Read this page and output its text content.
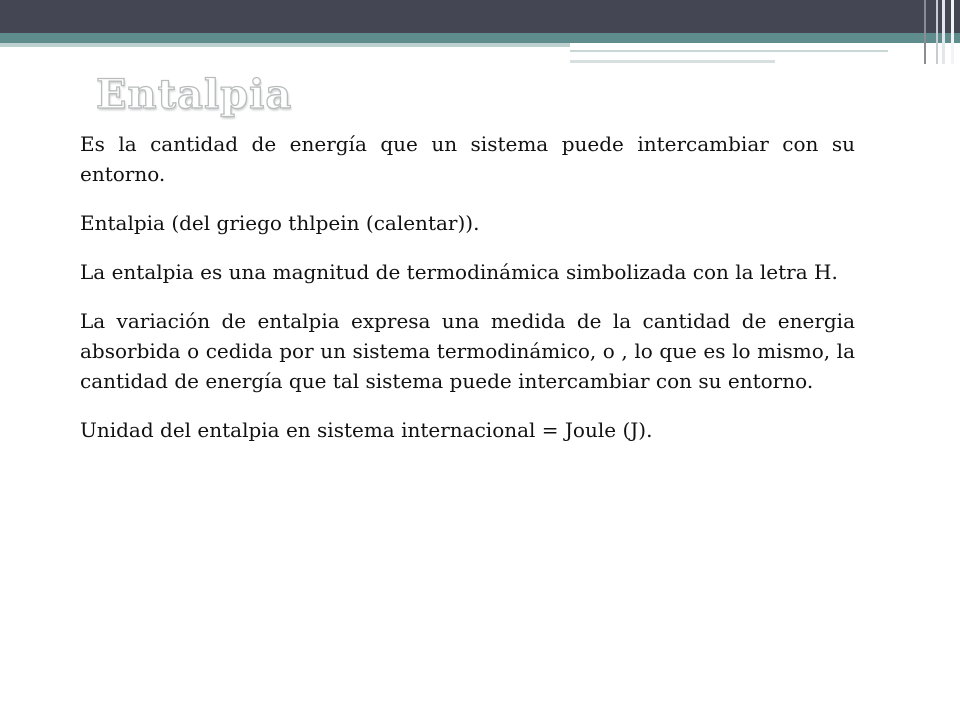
Entalpia

Es la cantidad de energía que un sistema puede intercambiar con su entorno.

Entalpia (del griego thlpein (calentar)).

La entalpia es una magnitud de termodinámica simbolizada con la letra H.

La variación de entalpia expresa una medida de la cantidad de energia absorbida o cedida por un sistema termodinámico, o , lo que es lo mismo, la cantidad de energía que tal sistema puede intercambiar con su entorno.

Unidad del entalpia en sistema internacional = Joule (J).
